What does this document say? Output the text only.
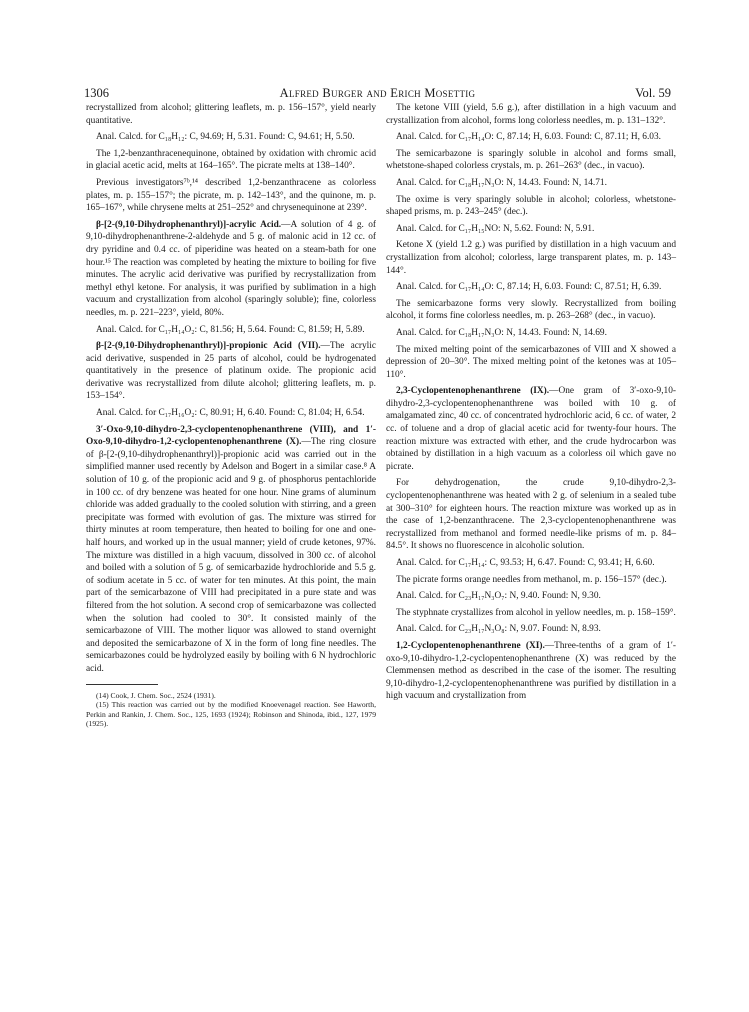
1306	Alfred Burger and Erich Mosettig	Vol. 59

recrystallized from alcohol; glittering leaflets, m. p. 156–157°, yield nearly quantitative.

Anal. Calcd. for C₁₈H₁₂: C, 94.69; H, 5.31. Found: C, 94.61; H, 5.50.

The 1,2-benzanthracenequinone, obtained by oxidation with chromic acid in glacial acetic acid, melts at 164–165°. The picrate melts at 138–140°.

Previous investigators⁷ᵇ,¹⁴ described 1,2-benzanthracene as colorless plates, m. p. 155–157°; the picrate, m. p. 142–143°, and the quinone, m. p. 165–167°, while chrysene melts at 251–252° and chrysenequinone at 239°.

β-[2-(9,10-Dihydrophenanthryl)]-acrylic Acid.—A solution of 4 g. of 9,10-dihydrophenanthrene-2-aldehyde and 5 g. of malonic acid in 12 cc. of dry pyridine and 0.4 cc. of piperidine was heated on a steam-bath for one hour.¹⁵ The reaction was completed by heating the mixture to boiling for five minutes. The acrylic acid derivative was purified by recrystallization from methyl ethyl ketone. For analysis, it was purified by sublimation in a high vacuum and crystallization from alcohol (sparingly soluble); fine, colorless needles, m. p. 221–223°, yield, 80%.

Anal. Calcd. for C₁₇H₁₄O₂: C, 81.56; H, 5.64. Found: C, 81.59; H, 5.89.

β-[2-(9,10-Dihydrophenanthryl)]-propionic Acid (VII).—The acrylic acid derivative, suspended in 25 parts of alcohol, could be hydrogenated quantitatively in the presence of platinum oxide. The propionic acid derivative was recrystallized from dilute alcohol; glittering leaflets, m. p. 153–154°.

Anal. Calcd. for C₁₇H₁₆O₂: C, 80.91; H, 6.40. Found: C, 81.04; H, 6.54.

3′-Oxo-9,10-dihydro-2,3-cyclopentenophenanthrene (VIII), and 1′-Oxo-9,10-dihydro-1,2-cyclopentenophenanthrene (X).—The ring closure of β-[2-(9,10-dihydrophenanthryl)]-propionic acid was carried out in the simplified manner used recently by Adelson and Bogert in a similar case.⁸ A solution of 10 g. of the propionic acid and 9 g. of phosphorus pentachloride in 100 cc. of dry benzene was heated for one hour. Nine grams of aluminum chloride was added gradually to the cooled solution with stirring, and a green precipitate was formed with evolution of gas. The mixture was stirred for thirty minutes at room temperature, then heated to boiling for one and one-half hours, and worked up in the usual manner; yield of crude ketones, 97%. The mixture was distilled in a high vacuum, dissolved in 300 cc. of alcohol and boiled with a solution of 5 g. of semicarbazide hydrochloride and 5.5 g. of sodium acetate in 5 cc. of water for ten minutes. At this point, the main part of the semicarbazone of VIII had precipitated in a pure state and was filtered from the hot solution. A second crop of semicarbazone was collected when the solution had cooled to 30°. It consisted mainly of the semicarbazone of VIII. The mother liquor was allowed to stand overnight and deposited the semicarbazone of X in the form of long fine needles. The semicarbazones could be hydrolyzed easily by boiling with 6 N hydrochloric acid.

(14) Cook, J. Chem. Soc., 2524 (1931).

(15) This reaction was carried out by the modified Knoevenagel reaction. See Haworth, Perkin and Rankin, J. Chem. Soc., 125, 1693 (1924); Robinson and Shinoda, ibid., 127, 1979 (1925).

The ketone VIII (yield, 5.6 g.), after distillation in a high vacuum and crystallization from alcohol, forms long colorless needles, m. p. 131–132°.

Anal. Calcd. for C₁₇H₁₄O: C, 87.14; H, 6.03. Found: C, 87.11; H, 6.03.

The semicarbazone is sparingly soluble in alcohol and forms small, whetstone-shaped colorless crystals, m. p. 261–263° (dec., in vacuo).

Anal. Calcd. for C₁₈H₁₇N₃O: N, 14.43. Found: N, 14.71.

The oxime is very sparingly soluble in alcohol; colorless, whetstone-shaped prisms, m. p. 243–245° (dec.).

Anal. Calcd. for C₁₇H₁₅NO: N, 5.62. Found: N, 5.91.

Ketone X (yield 1.2 g.) was purified by distillation in a high vacuum and crystallization from alcohol; colorless, large transparent plates, m. p. 143–144°.

Anal. Calcd. for C₁₇H₁₄O: C, 87.14; H, 6.03. Found: C, 87.51; H, 6.39.

The semicarbazone forms very slowly. Recrystallized from boiling alcohol, it forms fine colorless needles, m. p. 263–268° (dec., in vacuo).

Anal. Calcd. for C₁₈H₁₇N₃O: N, 14.43. Found: N, 14.69.

The mixed melting point of the semicarbazones of VIII and X showed a depression of 20–30°. The mixed melting point of the ketones was at 105–110°.

2,3-Cyclopentenophenanthrene (IX).—One gram of 3′-oxo-9,10-dihydro-2,3-cyclopentenophenanthrene was boiled with 10 g. of amalgamated zinc, 40 cc. of concentrated hydrochloric acid, 6 cc. of water, 2 cc. of toluene and a drop of glacial acetic acid for twenty-four hours. The reaction mixture was extracted with ether, and the crude hydrocarbon was obtained by distillation in a high vacuum as a colorless oil which gave no picrate.

For dehydrogenation, the crude 9,10-dihydro-2,3-cyclopentenophenanthrene was heated with 2 g. of selenium in a sealed tube at 300–310° for eighteen hours. The reaction mixture was worked up as in the case of 1,2-benzanthracene. The 2,3-cyclopentenophenanthrene was recrystallized from methanol and formed needle-like prisms of m. p. 84–84.5°. It shows no fluorescence in alcoholic solution.

Anal. Calcd. for C₁₇H₁₄: C, 93.53; H, 6.47. Found: C, 93.41; H, 6.60.

The picrate forms orange needles from methanol, m. p. 156–157° (dec.).

Anal. Calcd. for C₂₃H₁₇N₃O₇: N, 9.40. Found: N, 9.30.

The styphnate crystallizes from alcohol in yellow needles, m. p. 158–159°.

Anal. Calcd. for C₂₃H₁₇N₃O₈: N, 9.07. Found: N, 8.93.

1,2-Cyclopentenophenanthrene (XI).—Three-tenths of a gram of 1′-oxo-9,10-dihydro-1,2-cyclopentenophenanthrene (X) was reduced by the Clemmensen method as described in the case of the isomer. The resulting 9,10-dihydro-1,2-cyclopentenophenanthrene was purified by distillation in a high vacuum and crystallization from
